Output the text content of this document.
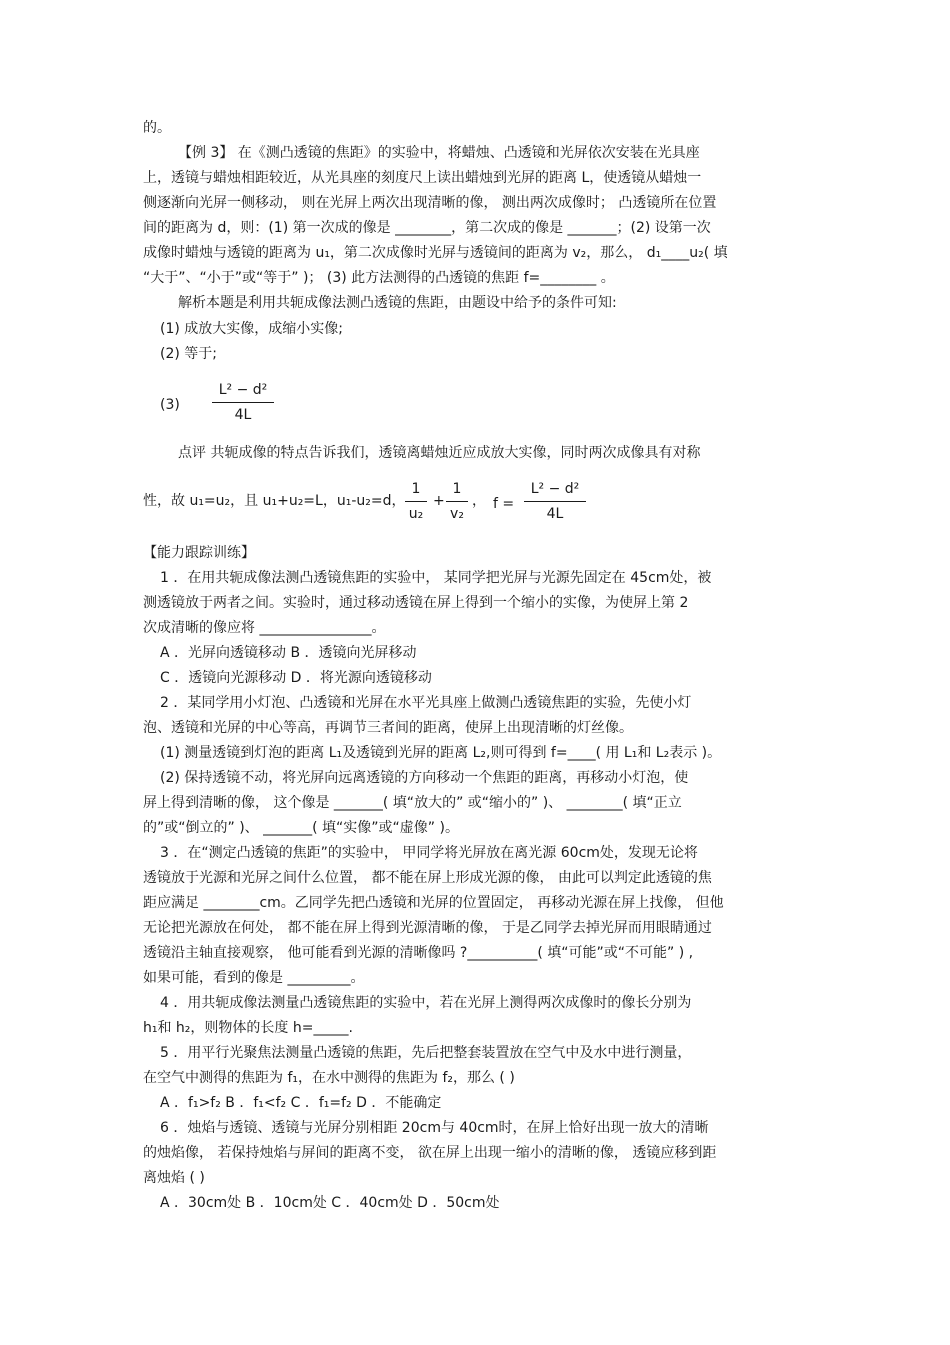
的。
【例 3】 在《测凸透镜的焦距》的实验中，将蜡烛、凸透镜和光屏依次安装在光具座
上，透镜与蜡烛相距较近，从光具座的刻度尺上读出蜡烛到光屏的距离 L，使透镜从蜡烛一
侧逐渐向光屏一侧移动， 则在光屏上两次出现清晰的像， 测出两次成像时； 凸透镜所在位置
间的距离为 d，则：(1) 第一次成的像是 ________，第二次成的像是 _______；(2) 设第一次
成像时蜡烛与透镜的距离为 u₁，第二次成像时光屏与透镜间的距离为 v₂，那么， d₁____u₂( 填
“大于”、“小于”或“等于” )； (3) 此方法测得的凸透镜的焦距 f=________ 。
解析本题是利用共轭成像法测凸透镜的焦距，由题设中给予的条件可知:
(1) 成放大实像，成缩小实像;
(2) 等于;
(3)
L² − d²
4L
点评 共轭成像的特点告诉我们，透镜离蜡烛近应成放大实像，同时两次成像具有对称
性，故 u₁=u₂，且 u₁+u₂=L，u₁-u₂=d，
1
u₂
+
1
v₂
， f =
L² − d²
4L
【能力跟踪训练】
1 ．在用共轭成像法测凸透镜焦距的实验中， 某同学把光屏与光源先固定在 45cm处，被
测透镜放于两者之间。实验时，通过移动透镜在屏上得到一个缩小的实像，为使屏上第 2
次成清晰的像应将 ________________。
A ．光屏向透镜移动 B ．透镜向光屏移动
C ．透镜向光源移动 D ．将光源向透镜移动
2 ．某同学用小灯泡、凸透镜和光屏在水平光具座上做测凸透镜焦距的实验，先使小灯
泡、透镜和光屏的中心等高，再调节三者间的距离，使屏上出现清晰的灯丝像。
(1) 测量透镜到灯泡的距离 L₁及透镜到光屏的距离 L₂,则可得到 f=____( 用 L₁和 L₂表示 )。
(2) 保持透镜不动，将光屏向远离透镜的方向移动一个焦距的距离，再移动小灯泡，使
屏上得到清晰的像， 这个像是 _______( 填“放大的” 或“缩小的” )、 ________( 填“正立
的”或“倒立的” )、 _______( 填“实像”或“虚像” )。
3 ．在“测定凸透镜的焦距”的实验中， 甲同学将光屏放在离光源 60cm处，发现无论将
透镜放于光源和光屏之间什么位置， 都不能在屏上形成光源的像， 由此可以判定此透镜的焦
距应满足 ________cm。乙同学先把凸透镜和光屏的位置固定， 再移动光源在屏上找像， 但他
无论把光源放在何处， 都不能在屏上得到光源清晰的像， 于是乙同学去掉光屏而用眼睛通过
透镜沿主轴直接观察， 他可能看到光源的清晰像吗 ?__________( 填“可能”或“不可能” ) ,
如果可能，看到的像是 _________。
4 ．用共轭成像法测量凸透镜焦距的实验中，若在光屏上测得两次成像时的像长分别为
h₁和 h₂，则物体的长度 h=_____.
5 ．用平行光聚焦法测量凸透镜的焦距，先后把整套装置放在空气中及水中进行测量，
在空气中测得的焦距为 f₁，在水中测得的焦距为 f₂，那么 ( )
A ．f₁>f₂ B ．f₁<f₂ C ．f₁=f₂ D ．不能确定
6 ．烛焰与透镜、透镜与光屏分别相距 20cm与 40cm时，在屏上恰好出现一放大的清晰
的烛焰像， 若保持烛焰与屏间的距离不变， 欲在屏上出现一缩小的清晰的像， 透镜应移到距
离烛焰 ( )
A ．30cm处 B ．10cm处 C ．40cm处 D ．50cm处
